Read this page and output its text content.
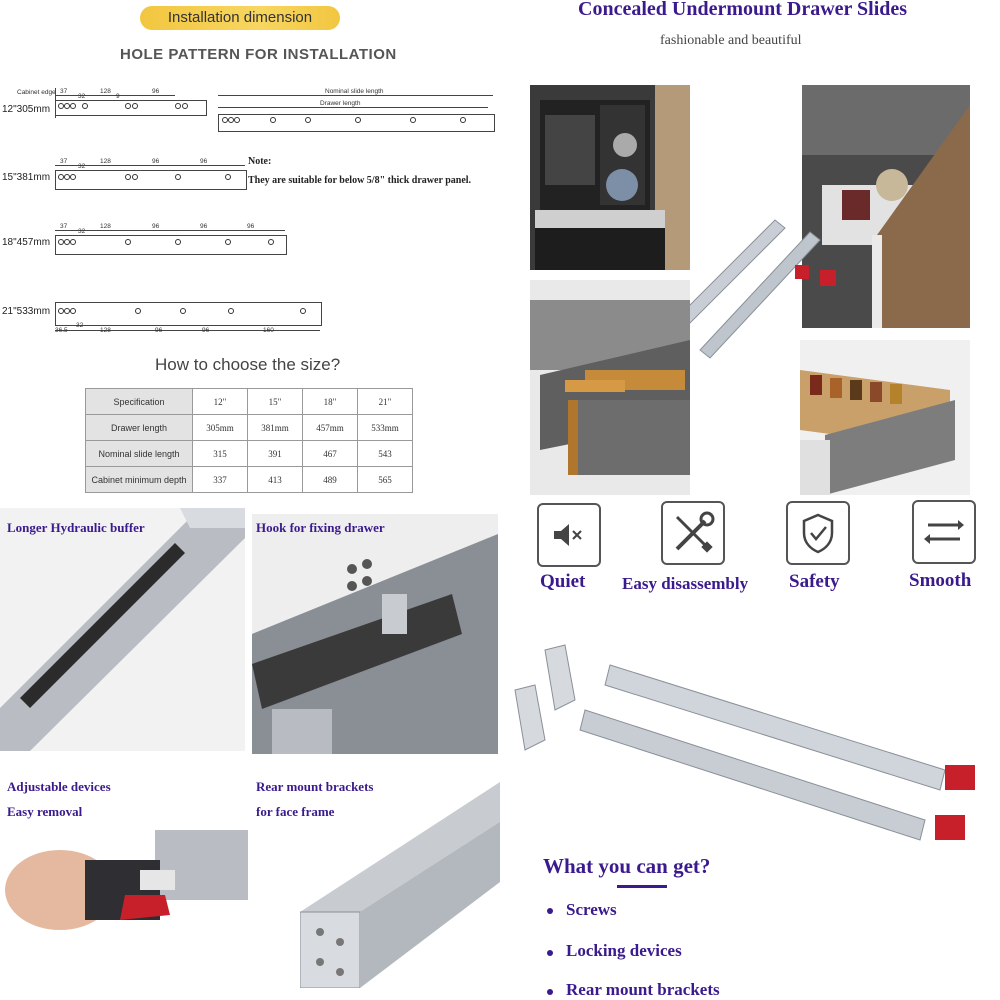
Installation dimension
HOLE PATTERN FOR INSTALLATION
Cabinet edge 37
32
128
9
96
12"305mm
Nominal slide length
Drawer length
37
32
128	96	96
15"381mm
37
32
128	96	96	96
18"457mm
21"533mm
36.5
32
128	96	96	160
Note:
They are suitable for below 5/8" thick drawer panel.
How to choose the size?
Specification	12"	15"	18"	21"
Drawer length	305mm	381mm	457mm	533mm
Nominal slide length	315	391	467	543
Cabinet minimum depth	337	413	489	565
Concealed Undermount Drawer Slides
fashionable and beautiful
Quiet Easy disassembly Safety	Smooth
What you can get?
Screws
Locking devices
Rear mount brackets
Longer Hydraulic buffer	Hook for fixing drawer
Adjustable devices
Easy removal
Rear mount brackets
for face frame
